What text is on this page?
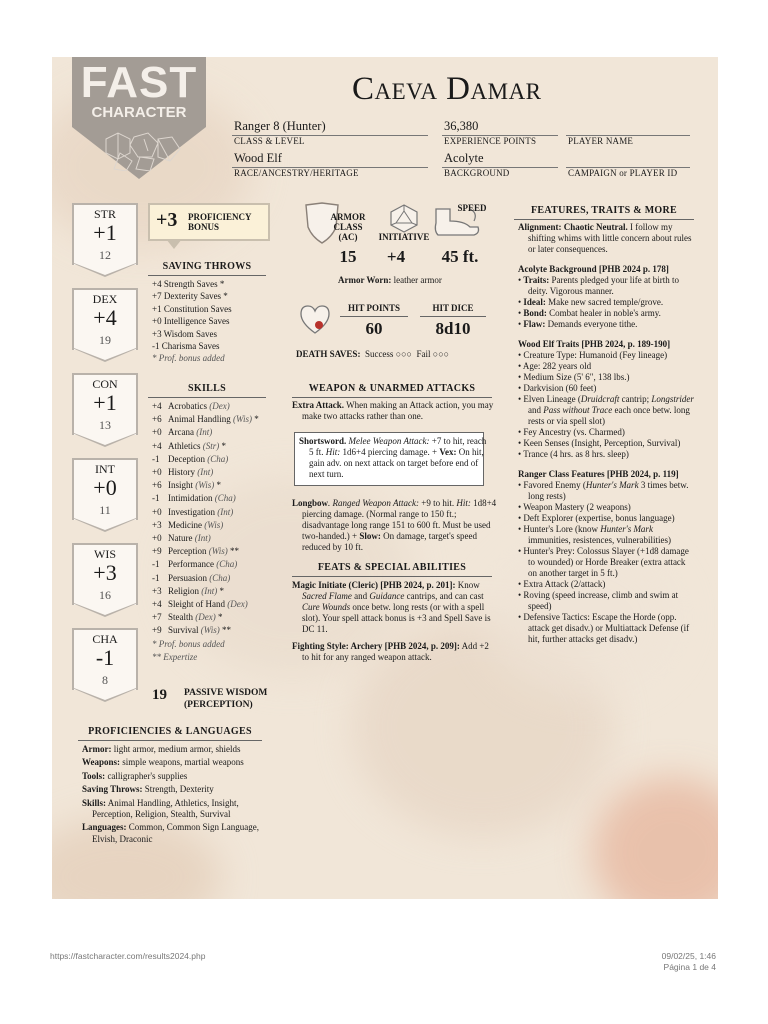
FAST
CHARACTER
Caeva Damar
Ranger 8 (Hunter)
CLASS & LEVEL
36,380
EXPERIENCE POINTS	PLAYER NAME
Wood Elf
RACE/ANCESTRY/HERITAGE
Acolyte
BACKGROUND	CAMPAIGN or PLAYER ID
STR
+1
12
DEX
+4
19
CON
+1
13
INT
+0
11
WIS
+3
16
CHA
-1
8
+3 PROFICIENCY
BONUS
SAVING THROWS
+4 Strength Saves *
+7 Dexterity Saves *
+1 Constitution Saves
+0 Intelligence Saves
+3 Wisdom Saves
-1 Charisma Saves
* Prof. bonus added
SKILLS
+4 Acrobatics (Dex)
+6 Animal Handling (Wis) *
+0 Arcana (Int)
+4 Athletics (Str) *
-1 Deception (Cha)
+0 History (Int)
+6 Insight (Wis) *
-1 Intimidation (Cha)
+0 Investigation (Int)
+3 Medicine (Wis)
+0 Nature (Int)
+9 Perception (Wis) **
-1 Performance (Cha)
-1 Persuasion (Cha)
+3 Religion (Int) *
+4 Sleight of Hand (Dex)
+7 Stealth (Dex) *
+9 Survival (Wis) **
* Prof. bonus added
** Expertize
19 PASSIVE WISDOM
(PERCEPTION)
PROFICIENCIES & LANGUAGES
Armor: light armor, medium armor, shields
Weapons: simple weapons, martial weapons
Tools: calligrapher's supplies
Saving Throws: Strength, Dexterity
Skills: Animal Handling, Athletics, Insight, Perception, Religion, Stealth, Survival
Languages: Common, Common Sign Language, Elvish, Draconic
ARMOR
CLASS
(AC)	INITIATIVE
SPEED
15	+4	45 ft.
Armor Worn: leather armor
HIT POINTS
60
HIT DICE
8d10
DEATH SAVES: Success ○○○ Fail ○○○
WEAPON & UNARMED ATTACKS
Extra Attack. When making an Attack action, you may make two attacks rather than one.
Shortsword. Melee Weapon Attack: +7 to hit, reach 5 ft. Hit: 1d6+4 piercing damage. + Vex: On hit, gain adv. on next attack on target before end of next turn.
Longbow. Ranged Weapon Attack: +9 to hit. Hit: 1d8+4 piercing damage. (Normal range to 150 ft.; disadvantage long range 151 to 600 ft. Must be used two-handed.) + Slow: On damage, target's speed reduced by 10 ft.
FEATS & SPECIAL ABILITIES
Magic Initiate (Cleric) [PHB 2024, p. 201]: Know Sacred Flame and Guidance cantrips, and can cast Cure Wounds once betw. long rests (or with a spell slot). Your spell attack bonus is +3 and Spell Save is DC 11.
Fighting Style: Archery [PHB 2024, p. 209]: Add +2 to hit for any ranged weapon attack.
FEATURES, TRAITS & MORE
Alignment: Chaotic Neutral. I follow my shifting whims with little concern about rules or later consequences.
Acolyte Background [PHB 2024 p. 178]
• Traits: Parents pledged your life at birth to deity. Vigorous manner.
• Ideal: Make new sacred temple/grove.
• Bond: Combat healer in noble's army.
• Flaw: Demands everyone tithe.
Wood Elf Traits [PHB 2024, p. 189-190]
• Creature Type: Humanoid (Fey lineage)
• Age: 282 years old
• Medium Size (5' 6", 138 lbs.)
• Darkvision (60 feet)
• Elven Lineage (Druidcraft cantrip; Longstrider and Pass without Trace each once betw. long rests or via spell slot)
• Fey Ancestry (vs. Charmed)
• Keen Senses (Insight, Perception, Survival)
• Trance (4 hrs. as 8 hrs. sleep)
Ranger Class Features [PHB 2024, p. 119]
• Favored Enemy (Hunter's Mark 3 times betw. long rests)
• Weapon Mastery (2 weapons)
• Deft Explorer (expertise, bonus language)
• Hunter's Lore (know Hunter's Mark immunities, resistences, vulnerabilities)
• Hunter's Prey: Colossus Slayer (+1d8 damage to wounded) or Horde Breaker (extra attack on another target in 5 ft.)
• Extra Attack (2/attack)
• Roving (speed increase, climb and swim at speed)
• Defensive Tactics: Escape the Horde (opp. attack get disadv.) or Multiattack Defense (if hit, further attacks get disadv.)
https://fastcharacter.com/results2024.php	09/02/25, 1:46
Página 1 de 4
